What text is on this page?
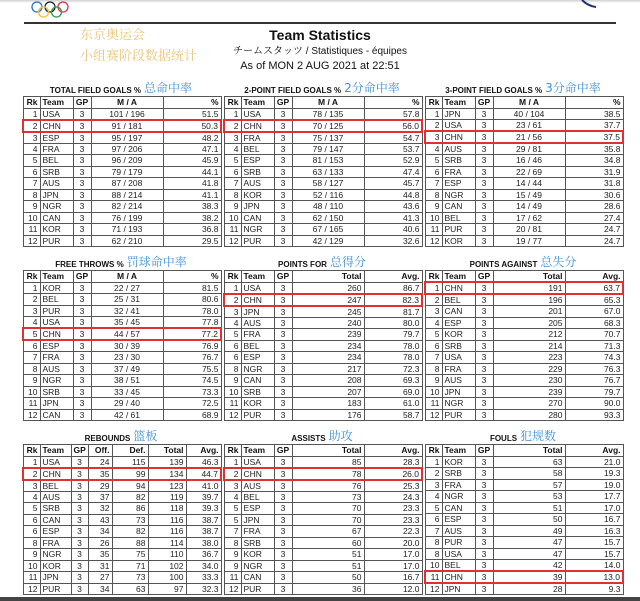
东京奥运会
小组赛阶段数据统计
Team Statistics
チームスタッツ / Statistiques - équipes
As of MON 2 AUG 2021 at 22:51
TOTAL FIELD GOALS % 总命中率
Rk	Team	GP	M / A	%
1	USA	3	101 / 196	51.5
2	CHN	3	91 / 181	50.3
3	ESP	3	95 / 197	48.2
4	FRA	3	97 / 206	47.1
5	BEL	3	96 / 209	45.9
6	SRB	3	79 / 179	44.1
7	AUS	3	87 / 208	41.8
8	JPN	3	88 / 214	41.1
9	NGR	3	82 / 214	38.3
10	CAN	3	76 / 199	38.2
11	KOR	3	71 / 193	36.8
12	PUR	3	62 / 210	29.5
2-POINT FIELD GOALS % 2分命中率
Rk	Team	GP	M / A	%
1	USA	3	78 / 135	57.8
2	CHN	3	70 / 125	56.0
3	FRA	3	75 / 137	54.7
4	BEL	3	79 / 147	53.7
5	ESP	3	81 / 153	52.9
6	SRB	3	63 / 133	47.4
7	AUS	3	58 / 127	45.7
8	KOR	3	52 / 116	44.8
9	JPN	3	48 / 110	43.6
10	CAN	3	62 / 150	41.3
11	NGR	3	67 / 165	40.6
12	PUR	3	42 / 129	32.6
3-POINT FIELD GOALS % 3分命中率
Rk	Team	GP	M / A	%
1	JPN	3	40 / 104	38.5
2	USA	3	23 / 61	37.7
3	CHN	3	21 / 56	37.5
4	AUS	3	29 / 81	35.8
5	SRB	3	16 / 46	34.8
6	FRA	3	22 / 69	31.9
7	ESP	3	14 / 44	31.8
8	NGR	3	15 / 49	30.6
9	CAN	3	14 / 49	28.6
10	BEL	3	17 / 62	27.4
11	PUR	3	20 / 81	24.7
12	KOR	3	19 / 77	24.7
FREE THROWS % 罚球命中率
Rk	Team	GP	M / A	%
1	KOR	3	22 / 27	81.5
2	BEL	3	25 / 31	80.6
3	PUR	3	32 / 41	78.0
4	USA	3	35 / 45	77.8
5	CHN	3	44 / 57	77.2
6	ESP	3	30 / 39	76.9
7	FRA	3	23 / 30	76.7
8	AUS	3	37 / 49	75.5
9	NGR	3	38 / 51	74.5
10	SRB	3	33 / 45	73.3
11	JPN	3	29 / 40	72.5
12	CAN	3	42 / 61	68.9
POINTS FOR 总得分
Rk	Team	GP	Total	Avg.
1	USA	3	260	86.7
2	CHN	3	247	82.3
3	JPN	3	245	81.7
4	AUS	3	240	80.0
5	FRA	3	239	79.7
6	BEL	3	234	78.0
6	ESP	3	234	78.0
8	NGR	3	217	72.3
9	CAN	3	208	69.3
10	SRB	3	207	69.0
11	KOR	3	183	61.0
12	PUR	3	176	58.7
POINTS AGAINST 总失分
Rk	Team	GP	Total	Avg.
1	CHN	3	191	63.7
2	BEL	3	196	65.3
3	CAN	3	201	67.0
4	ESP	3	205	68.3
5	KOR	3	212	70.7
6	SRB	3	214	71.3
7	USA	3	223	74.3
8	FRA	3	229	76.3
9	AUS	3	230	76.7
10	JPN	3	239	79.7
11	NGR	3	270	90.0
12	PUR	3	280	93.3
REBOUNDS 篮板
Rk	Team	GP	Off.	Def.	Total	Avg.
1	USA	3	24	115	139	46.3
2	CHN	3	35	99	134	44.7
3	BEL	3	29	94	123	41.0
4	AUS	3	37	82	119	39.7
5	SRB	3	32	86	118	39.3
6	CAN	3	43	73	116	38.7
6	ESP	3	34	82	116	38.7
8	FRA	3	26	88	114	38.0
9	NGR	3	35	75	110	36.7
10	KOR	3	31	71	102	34.0
11	JPN	3	27	73	100	33.3
12	PUR	3	34	63	97	32.3
ASSISTS 助攻
Rk	Team	GP	Total	Avg.
1	USA	3	85	28.3
2	CHN	3	78	26.0
3	AUS	3	76	25.3
4	BEL	3	73	24.3
5	ESP	3	70	23.3
5	JPN	3	70	23.3
7	FRA	3	67	22.3
8	SRB	3	60	20.0
9	KOR	3	51	17.0
9	NGR	3	51	17.0
11	CAN	3	50	16.7
12	PUR	3	36	12.0
FOULS 犯规数
Rk	Team	GP	Total	Avg.
1	KOR	3	63	21.0
2	SRB	3	58	19.3
3	FRA	3	57	19.0
4	NGR	3	53	17.7
5	CAN	3	51	17.0
6	ESP	3	50	16.7
7	AUS	3	49	16.3
8	PUR	3	47	15.7
8	USA	3	47	15.7
10	BEL	3	42	14.0
11	CHN	3	39	13.0
12	JPN	3	28	9.3
